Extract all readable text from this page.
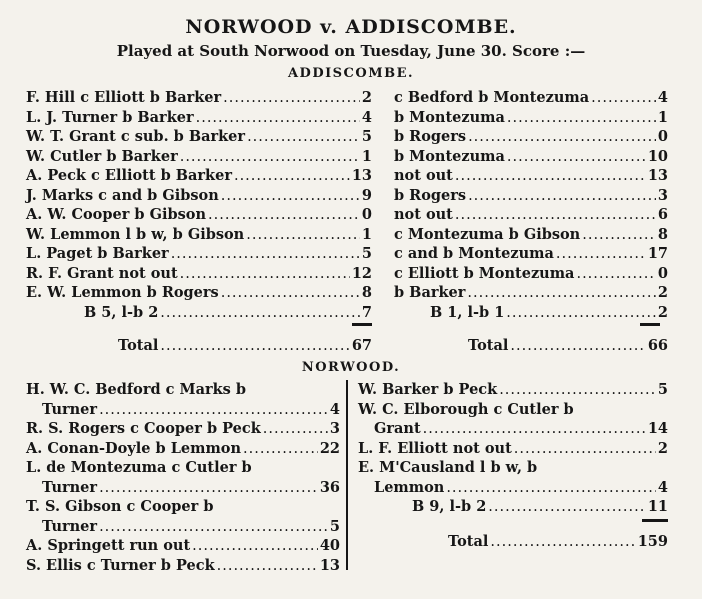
NORWOOD v. ADDISCOMBE.
Played at South Norwood on Tuesday, June 30. Score :—
ADDISCOMBE.
F. Hill c Elliott b Barker .....	2 c Bedford b Montezuma .....	4
L. J. Turner b Barker .....	4 b Montezuma .....	1
W. T. Grant c sub. b Barker .....	5 b Rogers .....	0
W. Cutler b Barker .....	1 b Montezuma .....	10
A. Peck c Elliott b Barker .....	13 not out .....	13
J. Marks c and b Gibson .....	9 b Rogers .....	3
A. W. Cooper b Gibson .....	0 not out .....	6
W. Lemmon l b w, b Gibson .....	1 c Montezuma b Gibson .....	8
L. Paget b Barker .....	5 c and b Montezuma .....	17
R. F. Grant not out .....	12 c Elliott b Montezuma .....	0
E. W. Lemmon b Rogers .....	8 b Barker .....	2
B 5, l-b 2 .....	7	B 1, l-b 1 .....	2
Total .....	67	Total .....	66
NORWOOD.
H. W. C. Bedford c Marks b
Turner .....	4
R. S. Rogers c Cooper b Peck .....	3
A. Conan-Doyle b Lemmon .....	22
L. de Montezuma c Cutler b
Turner .....	36
T. S. Gibson c Cooper b
Turner .....	5
A. Springett run out .....	40
S. Ellis c Turner b Peck .....	13
W. Barker b Peck .....	5
W. C. Elborough c Cutler b
Grant .....	14
L. F. Elliott not out .....	2
E. M'Causland l b w, b
Lemmon .....	4
B 9, l-b 2 .....	11
Total .....	159
